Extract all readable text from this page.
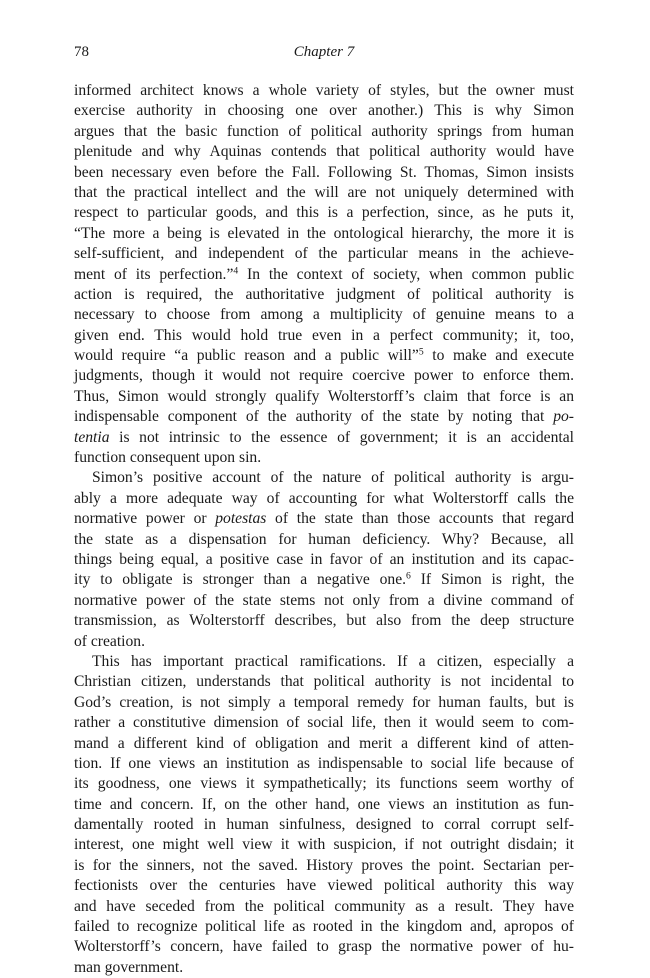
78	Chapter 7
informed architect knows a whole variety of styles, but the owner must
exercise authority in choosing one over another.) This is why Simon
argues that the basic function of political authority springs from human
plenitude and why Aquinas contends that political authority would have
been necessary even before the Fall. Following St. Thomas, Simon insists
that the practical intellect and the will are not uniquely determined with
respect to particular goods, and this is a perfection, since, as he puts it,
“The more a being is elevated in the ontological hierarchy, the more it is
self-sufficient, and independent of the particular means in the achieve-
ment of its perfection.”$^4$ In the context of society, when common public
action is required, the authoritative judgment of political authority is
necessary to choose from among a multiplicity of genuine means to a
given end. This would hold true even in a perfect community; it, too,
would require “a public reason and a public will”$^5$ to make and execute
judgments, though it would not require coercive power to enforce them.
Thus, Simon would strongly qualify Wolterstorff’s claim that force is an
indispensable component of the authority of the state by noting that po-
tentia is not intrinsic to the essence of government; it is an accidental
function consequent upon sin.
Simon’s positive account of the nature of political authority is argu-
ably a more adequate way of accounting for what Wolterstorff calls the
normative power or potestas of the state than those accounts that regard
the state as a dispensation for human deficiency. Why? Because, all
things being equal, a positive case in favor of an institution and its capac-
ity to obligate is stronger than a negative one.$^6$ If Simon is right, the
normative power of the state stems not only from a divine command of
transmission, as Wolterstorff describes, but also from the deep structure
of creation.
This has important practical ramifications. If a citizen, especially a
Christian citizen, understands that political authority is not incidental to
God’s creation, is not simply a temporal remedy for human faults, but is
rather a constitutive dimension of social life, then it would seem to com-
mand a different kind of obligation and merit a different kind of atten-
tion. If one views an institution as indispensable to social life because of
its goodness, one views it sympathetically; its functions seem worthy of
time and concern. If, on the other hand, one views an institution as fun-
damentally rooted in human sinfulness, designed to corral corrupt self-
interest, one might well view it with suspicion, if not outright disdain; it
is for the sinners, not the saved. History proves the point. Sectarian per-
fectionists over the centuries have viewed political authority this way
and have seceded from the political community as a result. They have
failed to recognize political life as rooted in the kingdom and, apropos of
Wolterstorff’s concern, have failed to grasp the normative power of hu-
man government.
